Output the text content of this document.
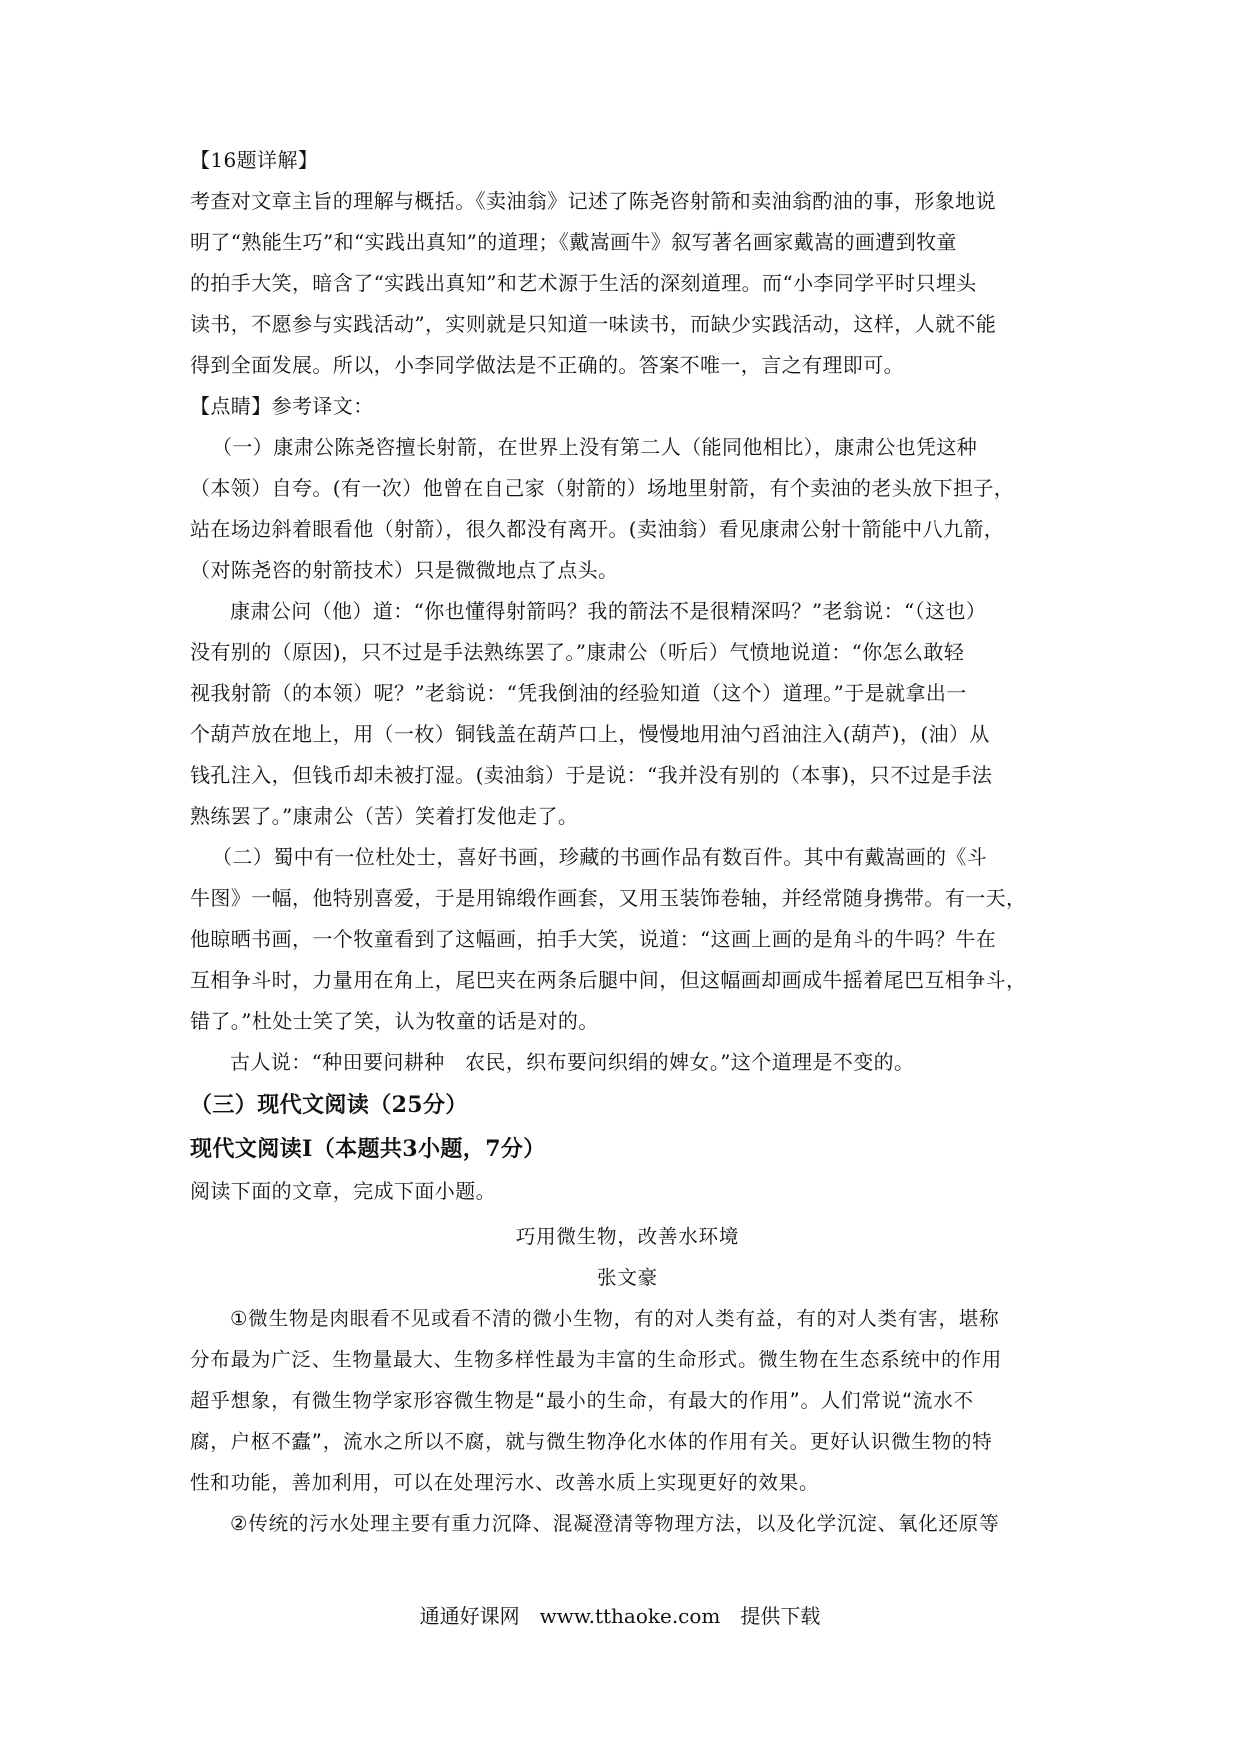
【16题详解】

考查对文章主旨的理解与概括。《卖油翁》记述了陈尧咨射箭和卖油翁酌油的事，形象地说

明了“熟能生巧”和“实践出真知”的道理；《戴嵩画牛》叙写著名画家戴嵩的画遭到牧童

的拍手大笑，暗含了“实践出真知”和艺术源于生活的深刻道理。而“小李同学平时只埋头

读书，不愿参与实践活动”，实则就是只知道一味读书，而缺少实践活动，这样，人就不能

得到全面发展。所以，小李同学做法是不正确的。答案不唯一，言之有理即可。

【点睛】参考译文：

（一）康肃公陈尧咨擅长射箭，在世界上没有第二人（能同他相比），康肃公也凭这种

（本领）自夸。(有一次）他曾在自己家（射箭的）场地里射箭，有个卖油的老头放下担子，

站在场边斜着眼看他（射箭），很久都没有离开。(卖油翁）看见康肃公射十箭能中八九箭，

（对陈尧咨的射箭技术）只是微微地点了点头。

康肃公问（他）道：“你也懂得射箭吗？我的箭法不是很精深吗？”老翁说：“（这也）

没有别的（原因)，只不过是手法熟练罢了。”康肃公（听后）气愤地说道：“你怎么敢轻

视我射箭（的本领）呢？”老翁说：“凭我倒油的经验知道（这个）道理。”于是就拿出一

个葫芦放在地上，用（一枚）铜钱盖在葫芦口上，慢慢地用油勺舀油注入(葫芦)，(油）从

钱孔注入，但钱币却未被打湿。(卖油翁）于是说：“我并没有别的（本事)，只不过是手法

熟练罢了。”康肃公（苦）笑着打发他走了。

（二）蜀中有一位杜处士，喜好书画，珍藏的书画作品有数百件。其中有戴嵩画的《斗

牛图》一幅，他特别喜爱，于是用锦缎作画套，又用玉装饰卷轴，并经常随身携带。有一天，

他晾晒书画，一个牧童看到了这幅画，拍手大笑，说道：“这画上画的是角斗的牛吗？牛在

互相争斗时，力量用在角上，尾巴夹在两条后腿中间，但这幅画却画成牛摇着尾巴互相争斗，

错了。”杜处士笑了笑，认为牧童的话是对的。

古人说：“种田要问耕种　农民，织布要问织绢的婢女。”这个道理是不变的。

（三）现代文阅读（25分）

现代文阅读Ⅰ（本题共3小题，7分）

阅读下面的文章，完成下面小题。

巧用微生物，改善水环境

张文豪

①微生物是肉眼看不见或看不清的微小生物，有的对人类有益，有的对人类有害，堪称

分布最为广泛、生物量最大、生物多样性最为丰富的生命形式。微生物在生态系统中的作用

超乎想象，有微生物学家形容微生物是“最小的生命，有最大的作用”。人们常说“流水不

腐，户枢不蠹”，流水之所以不腐，就与微生物净化水体的作用有关。更好认识微生物的特

性和功能，善加利用，可以在处理污水、改善水质上实现更好的效果。

②传统的污水处理主要有重力沉降、混凝澄清等物理方法，以及化学沉淀、氧化还原等

通通好课网　www.tthaoke.com　提供下载
